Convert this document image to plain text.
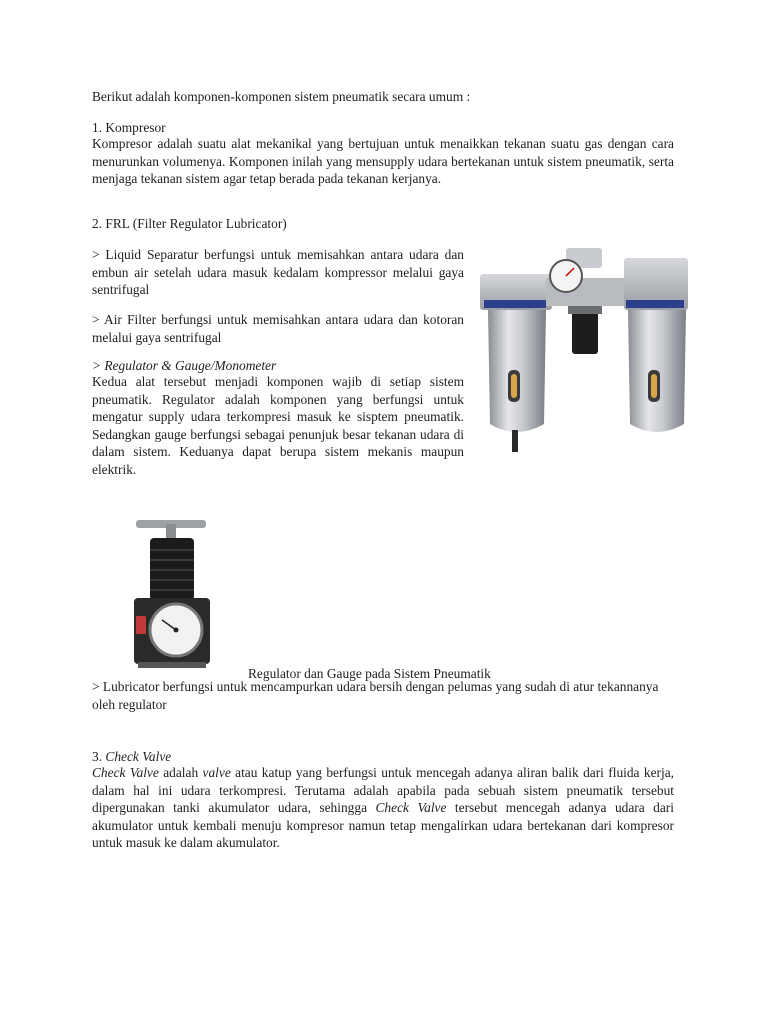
Berikut adalah komponen-komponen sistem pneumatik secara umum :

1. Kompresor

Kompresor adalah suatu alat mekanikal yang bertujuan untuk menaikkan tekanan suatu gas dengan cara menurunkan volumenya. Komponen inilah yang mensupply udara bertekanan untuk sistem pneumatik, serta menjaga tekanan sistem agar tetap berada pada tekanan kerjanya.

2. FRL (Filter Regulator Lubricator)

> Liquid Separatur berfungsi untuk memisahkan antara udara dan embun air setelah udara masuk kedalam kompressor melalui gaya sentrifugal

> Air Filter berfungsi untuk memisahkan antara udara dan kotoran melalui gaya sentrifugal

> Regulator & Gauge/Monometer

Kedua alat tersebut menjadi komponen wajib di setiap sistem pneumatik. Regulator adalah komponen yang berfungsi untuk mengatur supply udara terkompresi masuk ke sisptem pneumatik. Sedangkan gauge berfungsi sebagai penunjuk besar tekanan udara di dalam sistem. Keduanya dapat berupa sistem mekanis maupun elektrik.

Regulator dan Gauge pada Sistem Pneumatik

> Lubricator berfungsi untuk mencampurkan udara bersih dengan pelumas yang sudah di atur tekannanya oleh regulator

3. Check Valve

Check Valve adalah valve atau katup yang berfungsi untuk mencegah adanya aliran balik dari fluida kerja, dalam hal ini udara terkompresi. Terutama adalah apabila pada sebuah sistem pneumatik tersebut dipergunakan tanki akumulator udara, sehingga Check Valve tersebut mencegah adanya udara dari akumulator untuk kembali menuju kompresor namun tetap mengalirkan udara bertekanan dari kompresor untuk masuk ke dalam akumulator.
